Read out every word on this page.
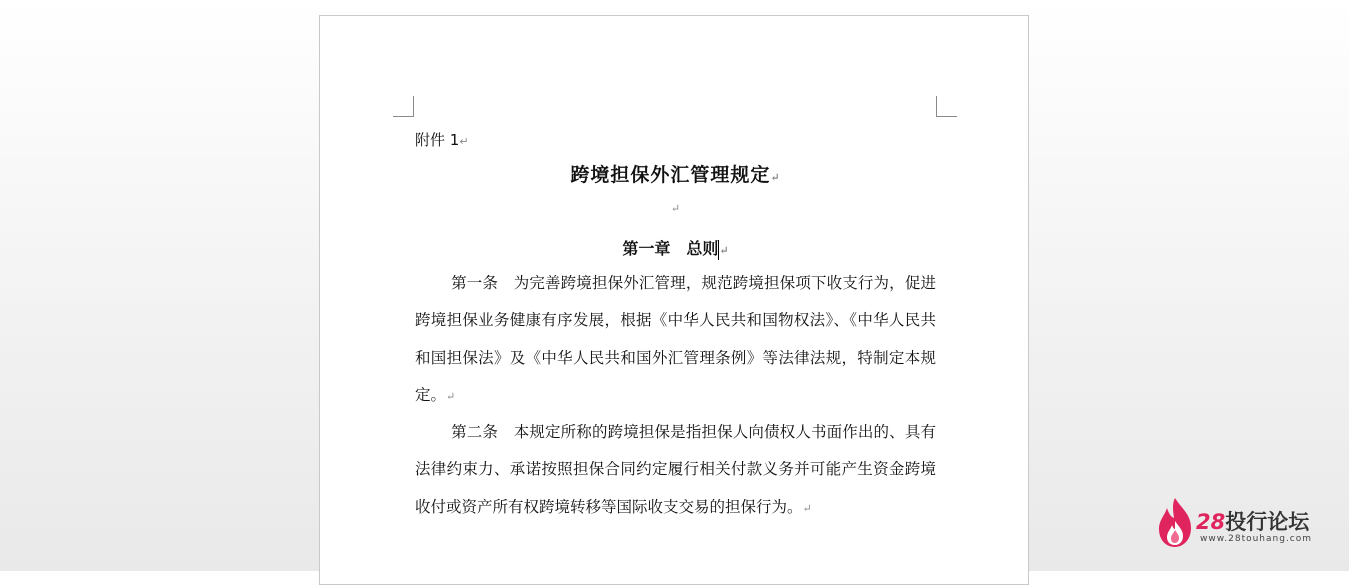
附件 1↵
跨境担保外汇管理规定↵
↵
第一章　总则↵
第一条　 为完善跨境担保外汇管理，规范跨境担保项下收支行为，促进跨境担保业务健康有序发展，根据《中华人民共和国物权法》、《中华人民共和国担保法》及《中华人民共和国外汇管理条例》等法律法规，特制定本规定。↵
第二条　 本规定所称的跨境担保是指担保人向债权人书面作出的、具有法律约束力、承诺按照担保合同约定履行相关付款义务并可能产生资金跨境收付或资产所有权跨境转移等国际收支交易的担保行为。↵
28投行论坛
www.28touhang.com
